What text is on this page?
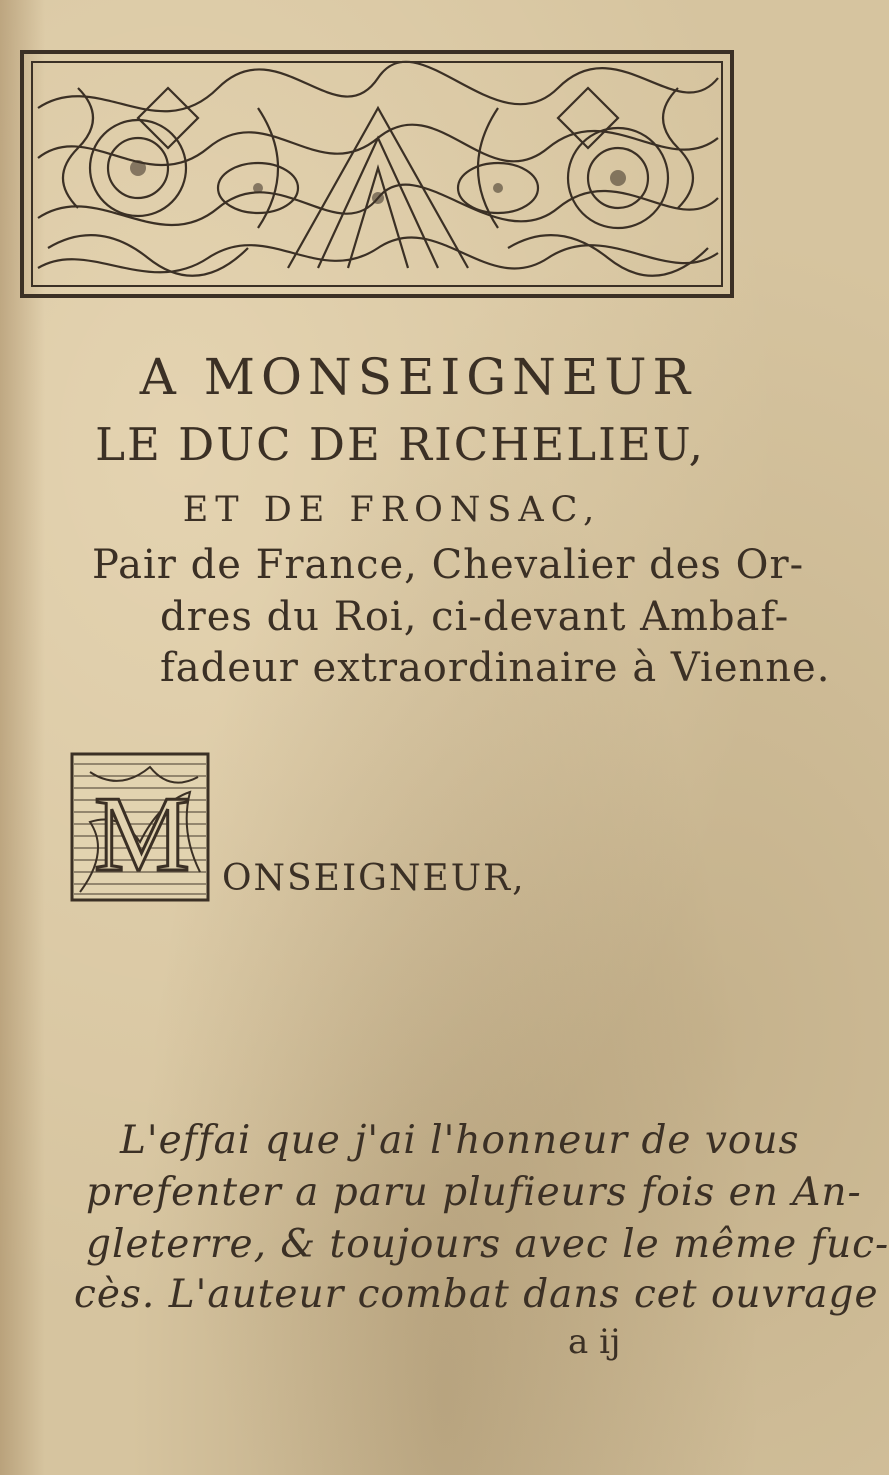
A MONSEIGNEUR
LE DUC DE RICHELIEU,
ET DE FRONSAC,
Pair de France, Chevalier des Or-
dres du Roi, ci-devant Ambaf-
fadeur extraordinaire à Vienne.
M ONSEIGNEUR,
L'effai que j'ai l'honneur de vous
prefenter a paru plufieurs fois en An-
gleterre, & toujours avec le même fuc-
cès. L'auteur combat dans cet ouvrage
a ij
